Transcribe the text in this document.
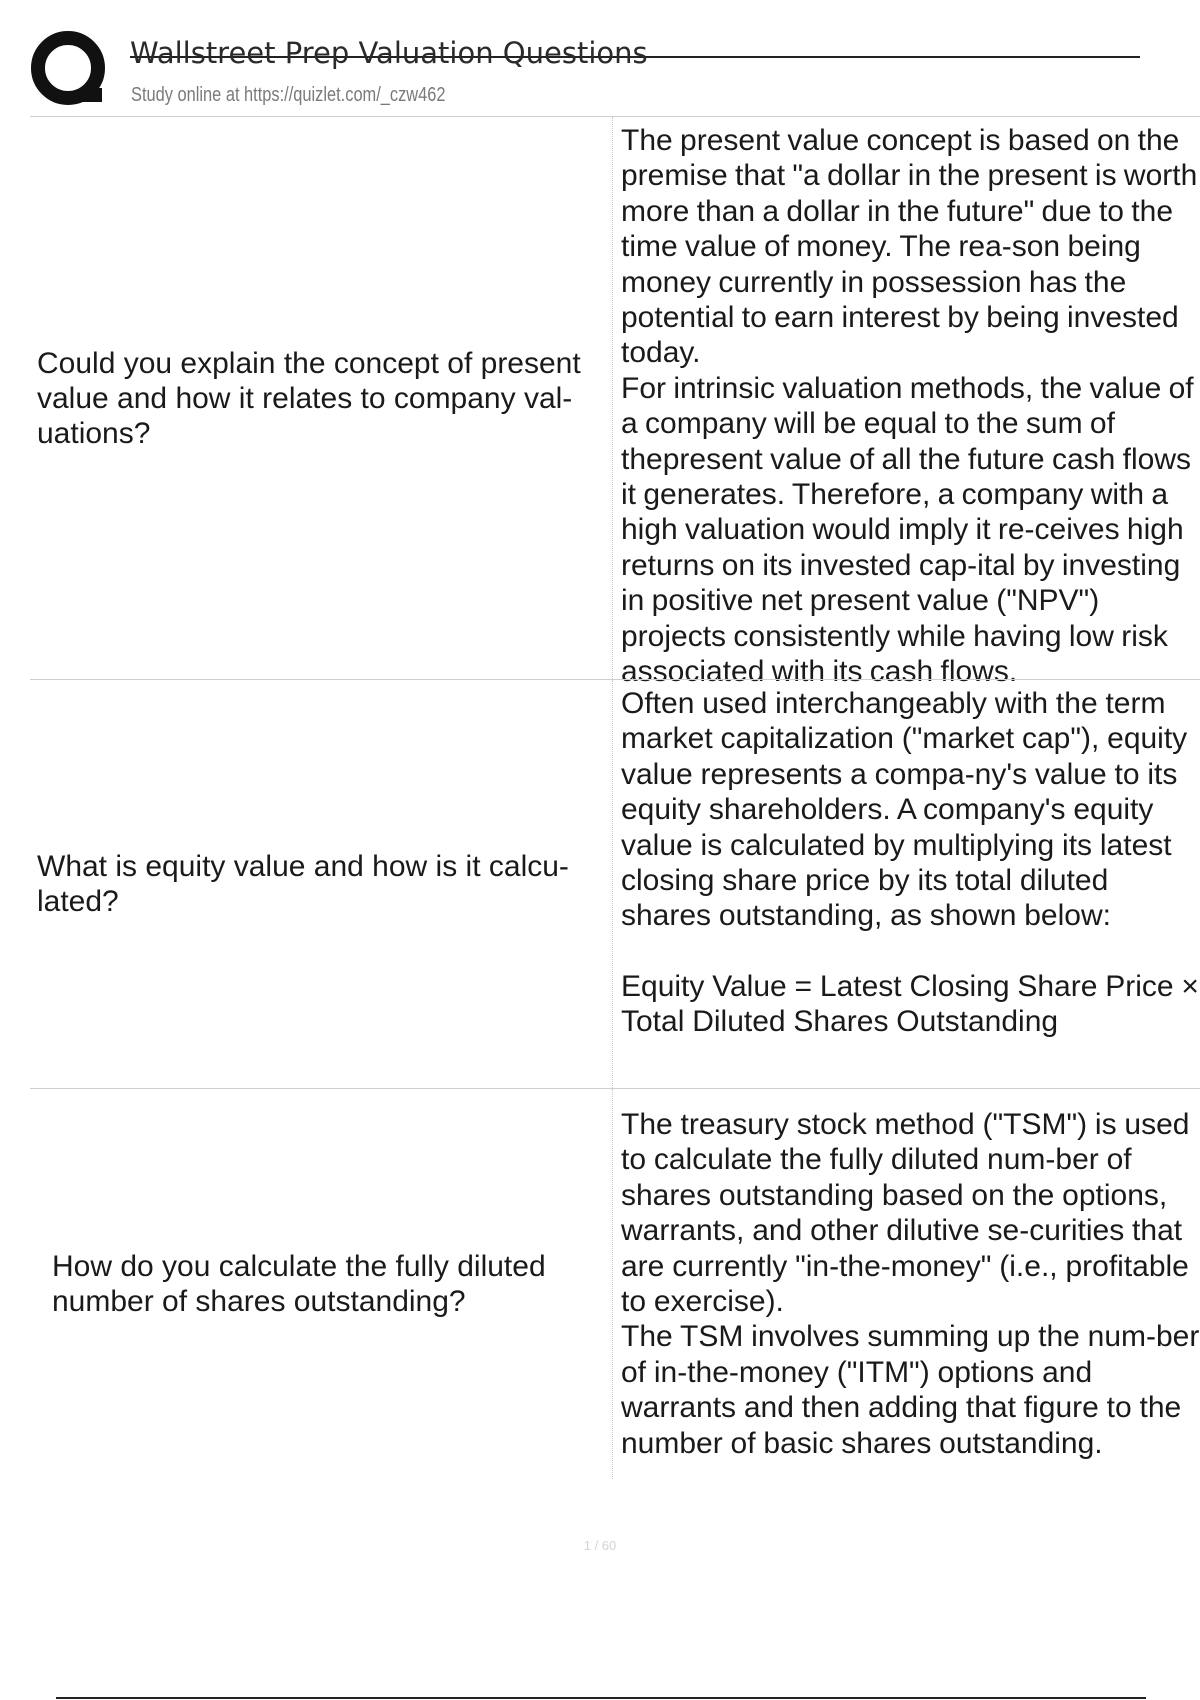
Wallstreet Prep Valuation Questions
Study online at https://quizlet.com/_czw462
Could you explain the concept of present
value and how it relates to company val-
uations?

The present value concept is based on the premise that "a dollar in the present is worth more than a dollar in the future" due to the time value of money. The rea-son being money currently in possession has the potential to earn interest by being invested today.

For intrinsic valuation methods, the value of a company will be equal to the sum of thepresent value of all the future cash flows it generates. Therefore, a company with a high valuation would imply it re-ceives high returns on its invested cap-ital by investing in positive net present value ("NPV") projects consistently while having low risk associated with its cash flows.

What is equity value and how is it calcu-
lated?

Often used interchangeably with the term market capitalization ("market cap"), equity value represents a compa-ny's value to its equity shareholders. A company's equity value is calculated by multiplying its latest closing share price by its total diluted shares outstanding, as shown below:

Equity Value = Latest Closing Share Price × Total Diluted Shares Outstanding

How do you calculate the fully diluted
number of shares outstanding?

The treasury stock method ("TSM") is used to calculate the fully diluted num-ber of shares outstanding based on the options, warrants, and other dilutive se-curities that are currently "in-the-money" (i.e., profitable to exercise).

The TSM involves summing up the num-ber of in-the-money ("ITM") options and warrants and then adding that figure to the number of basic shares outstanding.

1 / 60
